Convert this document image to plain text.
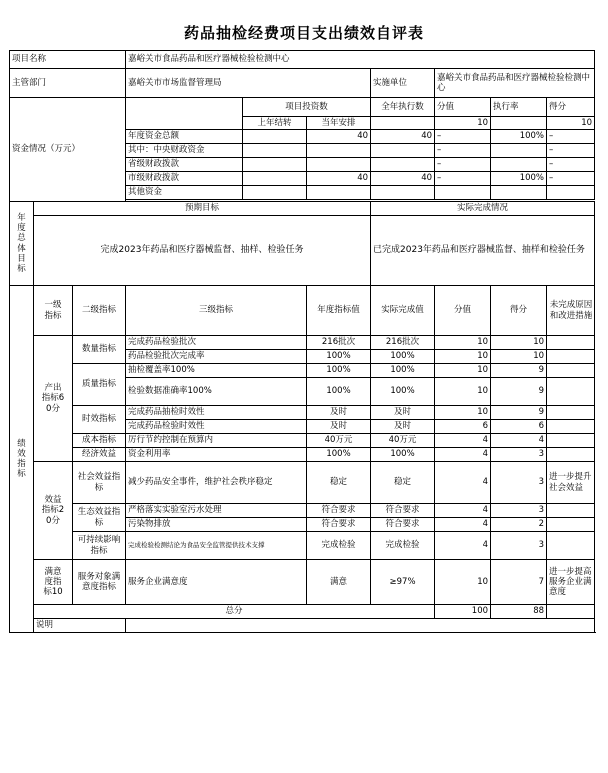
药品抽检经费项目支出绩效自评表
项目名称			嘉峪关市食品药品和医疗器械检验检测中心						
主管部门			嘉峪关市市场监督管理局			实施单位	嘉峪关市食品药品和医疗器械检验检测中心		
资金情况（万元）				项目投资数		全年执行数	分值	执行率	得分
				上年结转	当年安排		10		10
			年度资金总额		40	40	–	100%	–
			其中：中央财政资金				–		–
			省级财政拨款				–		–
			市级财政拨款		40	40	–	100%	–
			其他资金						

年度总体目标	预期目标					实际完成情况			
	完成2023年药品和医疗器械监督、抽样、检验任务					已完成2023年药品和医疗器械监督、抽样和检验任务			

绩效指标	一级指标	二级指标	三级指标		年度指标值	实际完成值	分值	得分	未完成原因和改进措施

	产出指标60分	数量指标	完成药品检验批次		216批次	216批次	10	10	
			药品检验批次完成率		100%	100%	10	10	
		质量指标	抽检覆盖率100%		100%	100%	10	9	
			检验数据准确率100%		100%	100%	10	9	
		时效指标	完成药品抽检时效性		及时	及时	10	9	
			完成药品检验时效性		及时	及时	6	6	
		成本指标	厉行节约控制在预算内		40万元	40万元	4	4	
		经济效益	资金利用率		100%	100%	4	3	

	效益指标20分	社会效益指标	减少药品安全事件，维护社会秩序稳定		稳定	稳定	4	3	进一步提升社会效益

		生态效益指标	严格落实实验室污水处理		符合要求	符合要求	4	3	
			污染物排放		符合要求	符合要求	4	2	

		可持续影响指标	完成检验检测结论为食品安全监管提供技术支撑		完成检验	完成检验	4	3	

	满意度指标10	服务对象满意度指标	服务企业满意度		满意	≥97%	10	7	进一步提高服务企业满意度
	总分						100	88	
	说明								
